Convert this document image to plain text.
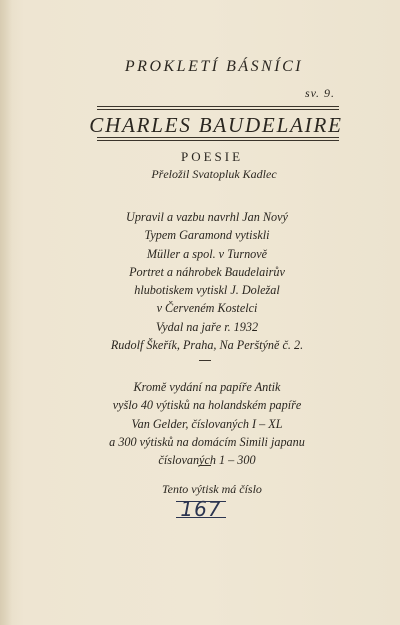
PROKLETÍ BÁSNÍCI
sv. 9.
CHARLES BAUDELAIRE
POESIE
Přeložil Svatopluk Kadlec
Upravil a vazbu navrhl Jan Nový
Typem Garamond vytiskli
Müller a spol. v Turnově
Portret a náhrobek Baudelairův
hlubotiskem vytiskl J. Doležal
v Červeném Kostelci
Vydal na jaře r. 1932
Rudolf Škeřík, Praha, Na Perštýně č. 2.
Kromě vydání na papíře Antik
vyšlo 40 výtisků na holandském papíře
Van Gelder, číslovaných I – XL
a 300 výtisků na domácím Simili japanu
číslovaných 1 – 300
Tento výtisk má číslo
167
